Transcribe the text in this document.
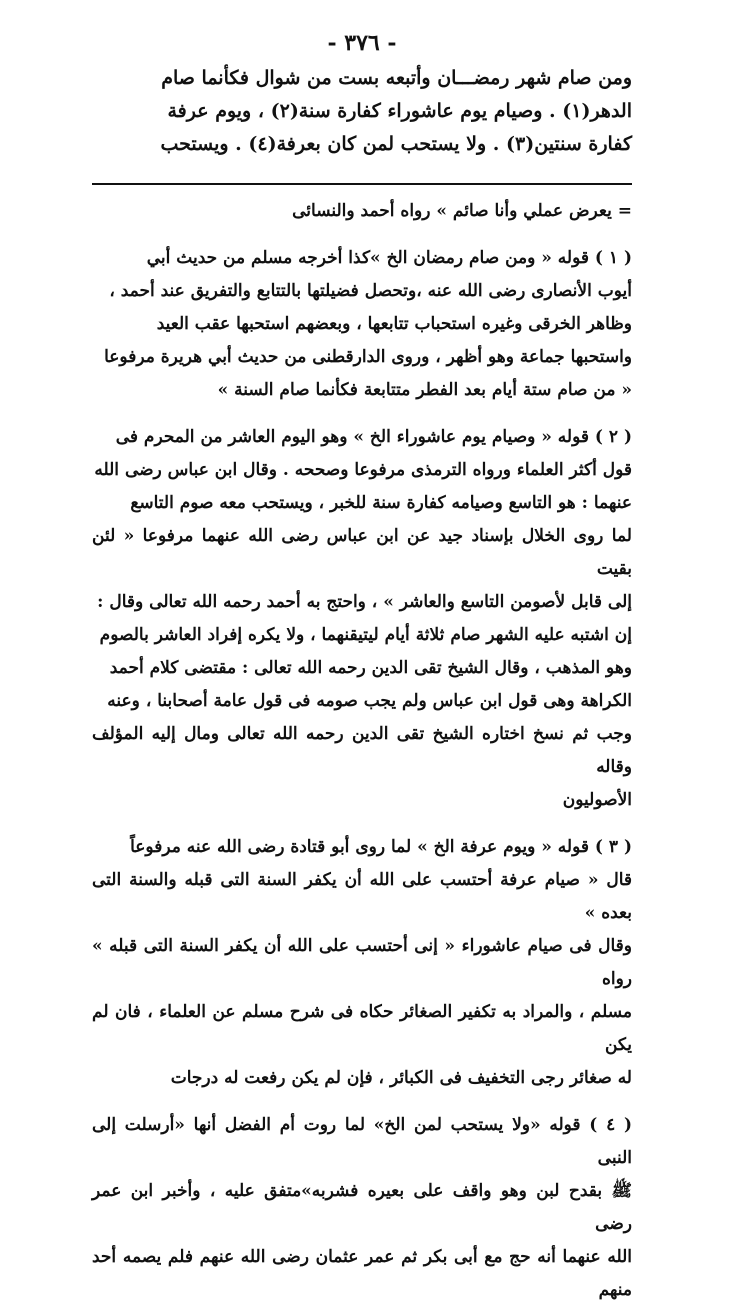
- ٣٧٦ -

ومن صام شهر رمضـــان وأتبعه بست من شوال فكأنما صام

الدهر(١) . وصيام يوم عاشوراء كفارة سنة(٢) ، ويوم عرفة

كفارة سنتين(٣) . ولا يستحب لمن كان بعرفة(٤) . ويستحب

= يعرض عملي وأنا صائم » رواه أحمد والنسائى

( ١ ) قوله « ومن صام رمضان الخ »كذا أخرجه مسلم من حديث أبي
أيوب الأنصارى رضى الله عنه ،وتحصل فضيلتها بالتتابع والتفريق عند أحمد ،
وظاهر الخرقى وغيره استحباب تتابعها ، وبعضهم استحبها عقب العيد
واستحبها جماعة وهو أظهر ، وروى الدارقطنى من حديث أبي هريرة مرفوعا
« من صام ستة أيام بعد الفطر متتابعة فكأنما صام السنة »

( ٢ ) قوله « وصيام يوم عاشوراء الخ » وهو اليوم العاشر من المحرم فى
قول أكثر العلماء ورواه الترمذى مرفوعا وصححه . وقال ابن عباس رضى الله
عنهما : هو التاسع وصيامه كفارة سنة للخبر ، ويستحب معه صوم التاسع
لما روى الخلال بإسناد جيد عن ابن عباس رضى الله عنهما مرفوعا « لئن بقيت
إلى قابل لأصومن التاسع والعاشر » ، واحتج به أحمد رحمه الله تعالى وقال :
إن اشتبه عليه الشهر صام ثلاثة أيام ليتيقنهما ، ولا يكره إفراد العاشر بالصوم
وهو المذهب ، وقال الشيخ تقى الدين رحمه الله تعالى : مقتضى كلام أحمد
الكراهة وهى قول ابن عباس ولم يجب صومه فى قول عامة أصحابنا ، وعنه
وجب ثم نسخ اختاره الشيخ تقى الدين رحمه الله تعالى ومال إليه المؤلف وقاله
الأصوليون

( ٣ ) قوله « ويوم عرفة الخ » لما روى أبو قتادة رضى الله عنه مرفوعاً
قال « صيام عرفة أحتسب على الله أن يكفر السنة التى قبله والسنة التى بعده »
وقال فى صيام عاشوراء « إنى أحتسب على الله أن يكفر السنة التى قبله » رواه
مسلم ، والمراد به تكفير الصغائر حكاه فى شرح مسلم عن العلماء ، فان لم يكن
له صغائر رجى التخفيف فى الكبائر ، فإن لم يكن رفعت له درجات

( ٤ ) قوله «ولا يستحب لمن الخ» لما روت أم الفضل أنها «أرسلت إلى النبى
ﷺ بقدح لبن وهو واقف على بعيره فشربه»متفق عليه ، وأخبر ابن عمر رضى
الله عنهما أنه حج مع أبى بكر ثم عمر عثمان رضى الله عنهم فلم يصمه أحد منهم
